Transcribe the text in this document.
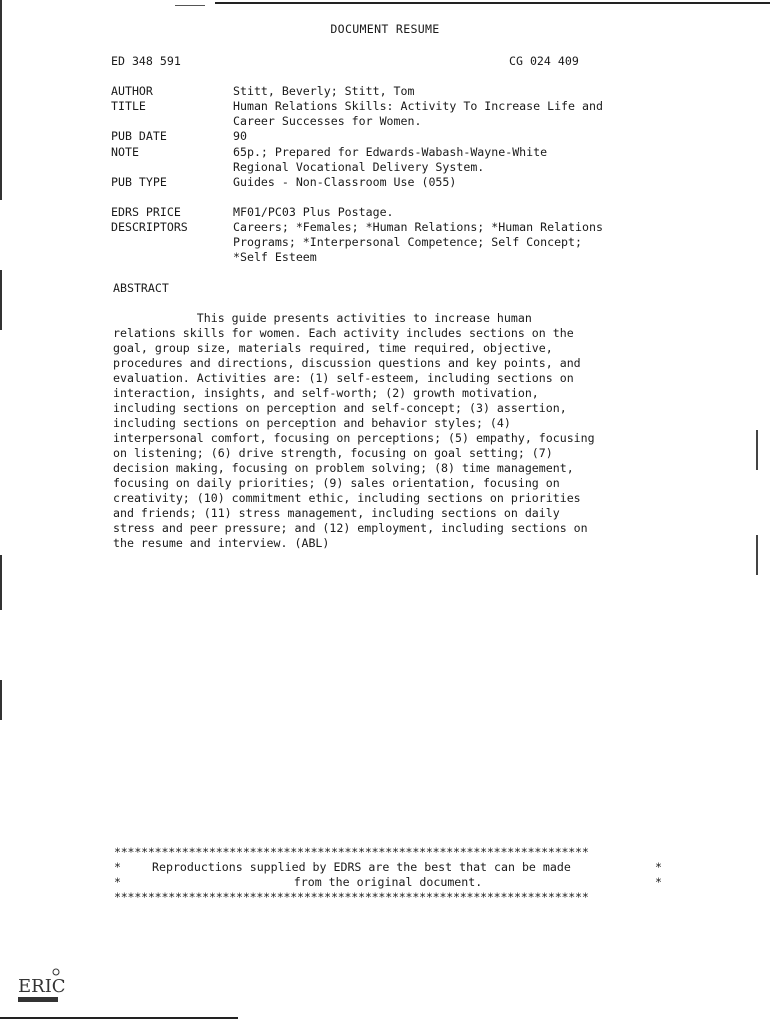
DOCUMENT RESUME
ED 348 591	CG 024 409
AUTHOR	Stitt, Beverly; Stitt, Tom
TITLE	Human Relations Skills: Activity To Increase Life and
Career Successes for Women.
PUB DATE	90
NOTE	65p.; Prepared for Edwards-Wabash-Wayne-White
Regional Vocational Delivery System.
PUB TYPE	Guides - Non-Classroom Use (055)
EDRS PRICE	MF01/PC03 Plus Postage.
DESCRIPTORS	Careers; *Females; *Human Relations; *Human Relations
Programs; *Interpersonal Competence; Self Concept;
*Self Esteem
ABSTRACT

This guide presents activities to increase human
relations skills for women. Each activity includes sections on the
goal, group size, materials required, time required, objective,
procedures and directions, discussion questions and key points, and
evaluation. Activities are: (1) self-esteem, including sections on
interaction, insights, and self-worth; (2) growth motivation,
including sections on perception and self-concept; (3) assertion,
including sections on perception and behavior styles; (4)
interpersonal comfort, focusing on perceptions; (5) empathy, focusing
on listening; (6) drive strength, focusing on goal setting; (7)
decision making, focusing on problem solving; (8) time management,
focusing on daily priorities; (9) sales orientation, focusing on
creativity; (10) commitment ethic, including sections on priorities
and friends; (11) stress management, including sections on daily
stress and peer pressure; and (12) employment, including sections on
the resume and interview. (ABL)

**********************************************************************
*	Reproductions supplied by EDRS are the best that can be made	*
*	from the original document.	*
**********************************************************************
ERIC
